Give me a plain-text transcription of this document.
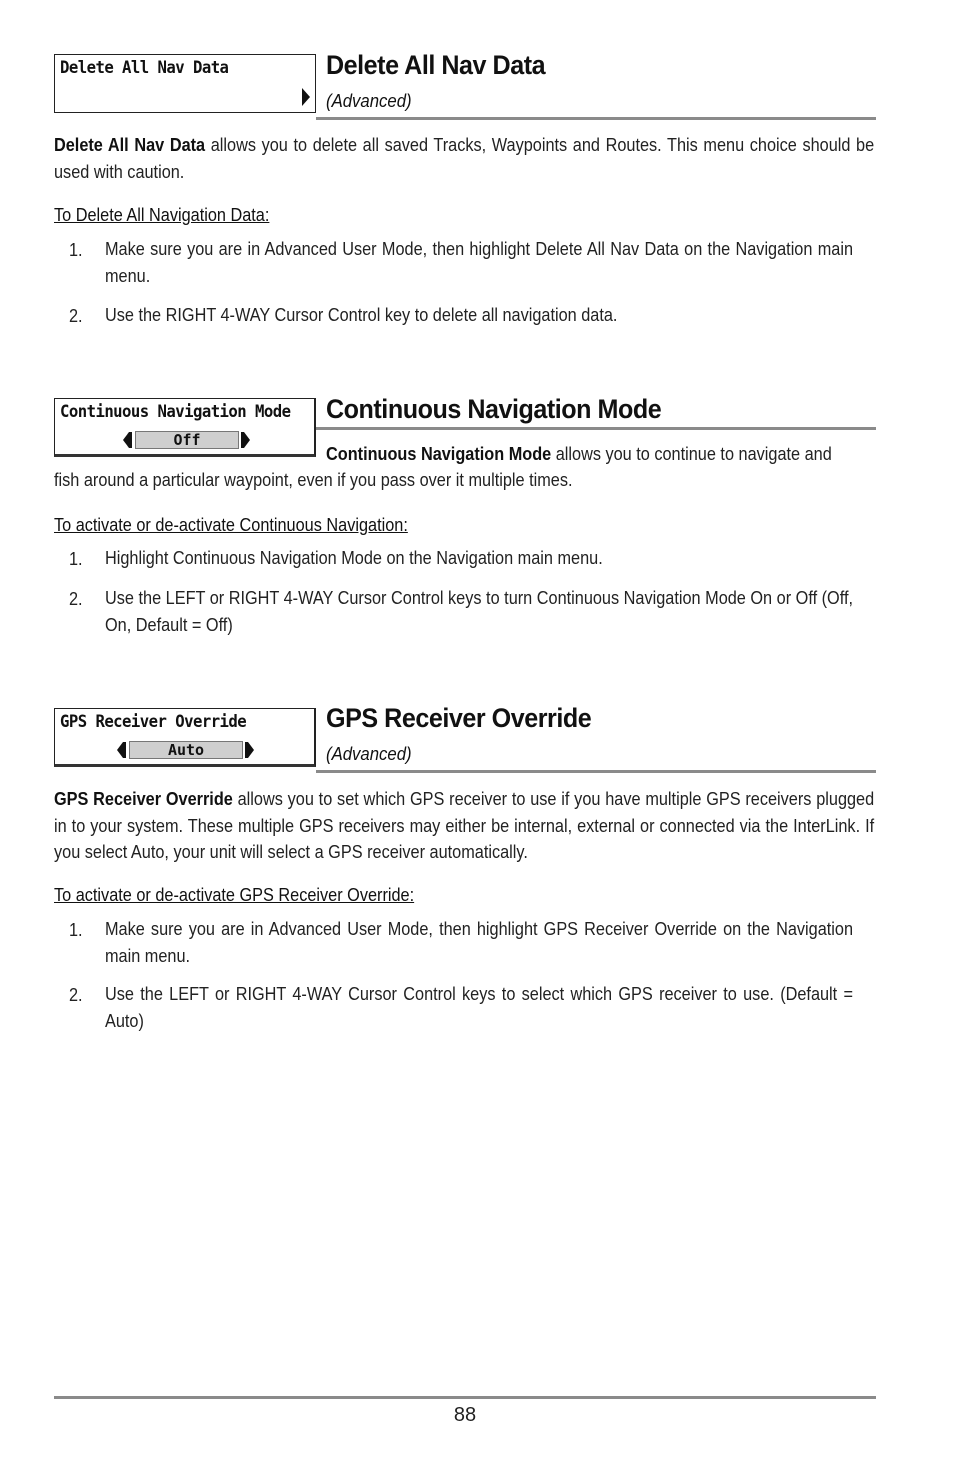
Delete All Nav Data	Delete All Nav Data
(Advanced)
Delete All Nav Data allows you to delete all saved Tracks, Waypoints and Routes. This menu choice should be used with caution.
To Delete All Navigation Data:
1. Make sure you are in Advanced User Mode, then highlight Delete All Nav Data on the Navigation main menu.
2. Use the RIGHT 4-WAY Cursor Control key to delete all navigation data.
Continuous Navigation Mode
Off
Continuous Navigation Mode
Continuous Navigation Mode allows you to continue to navigate and
fish around a particular waypoint, even if you pass over it multiple times.
To activate or de-activate Continuous Navigation:
1. Highlight Continuous Navigation Mode on the Navigation main menu.
2. Use the LEFT or RIGHT 4-WAY Cursor Control keys to turn Continuous Navigation Mode On or Off (Off, On, Default = Off)
GPS Receiver Override
Auto
GPS Receiver Override
(Advanced)
GPS Receiver Override allows you to set which GPS receiver to use if you have multiple GPS receivers plugged in to your system. These multiple GPS receivers may either be internal, external or connected via the InterLink. If you select Auto, your unit will select a GPS receiver automatically.
To activate or de-activate GPS Receiver Override:
1. Make sure you are in Advanced User Mode, then highlight GPS Receiver Override on the Navigation main menu.
2. Use the LEFT or RIGHT 4-WAY Cursor Control keys to select which GPS receiver to use. (Default = Auto)
88
